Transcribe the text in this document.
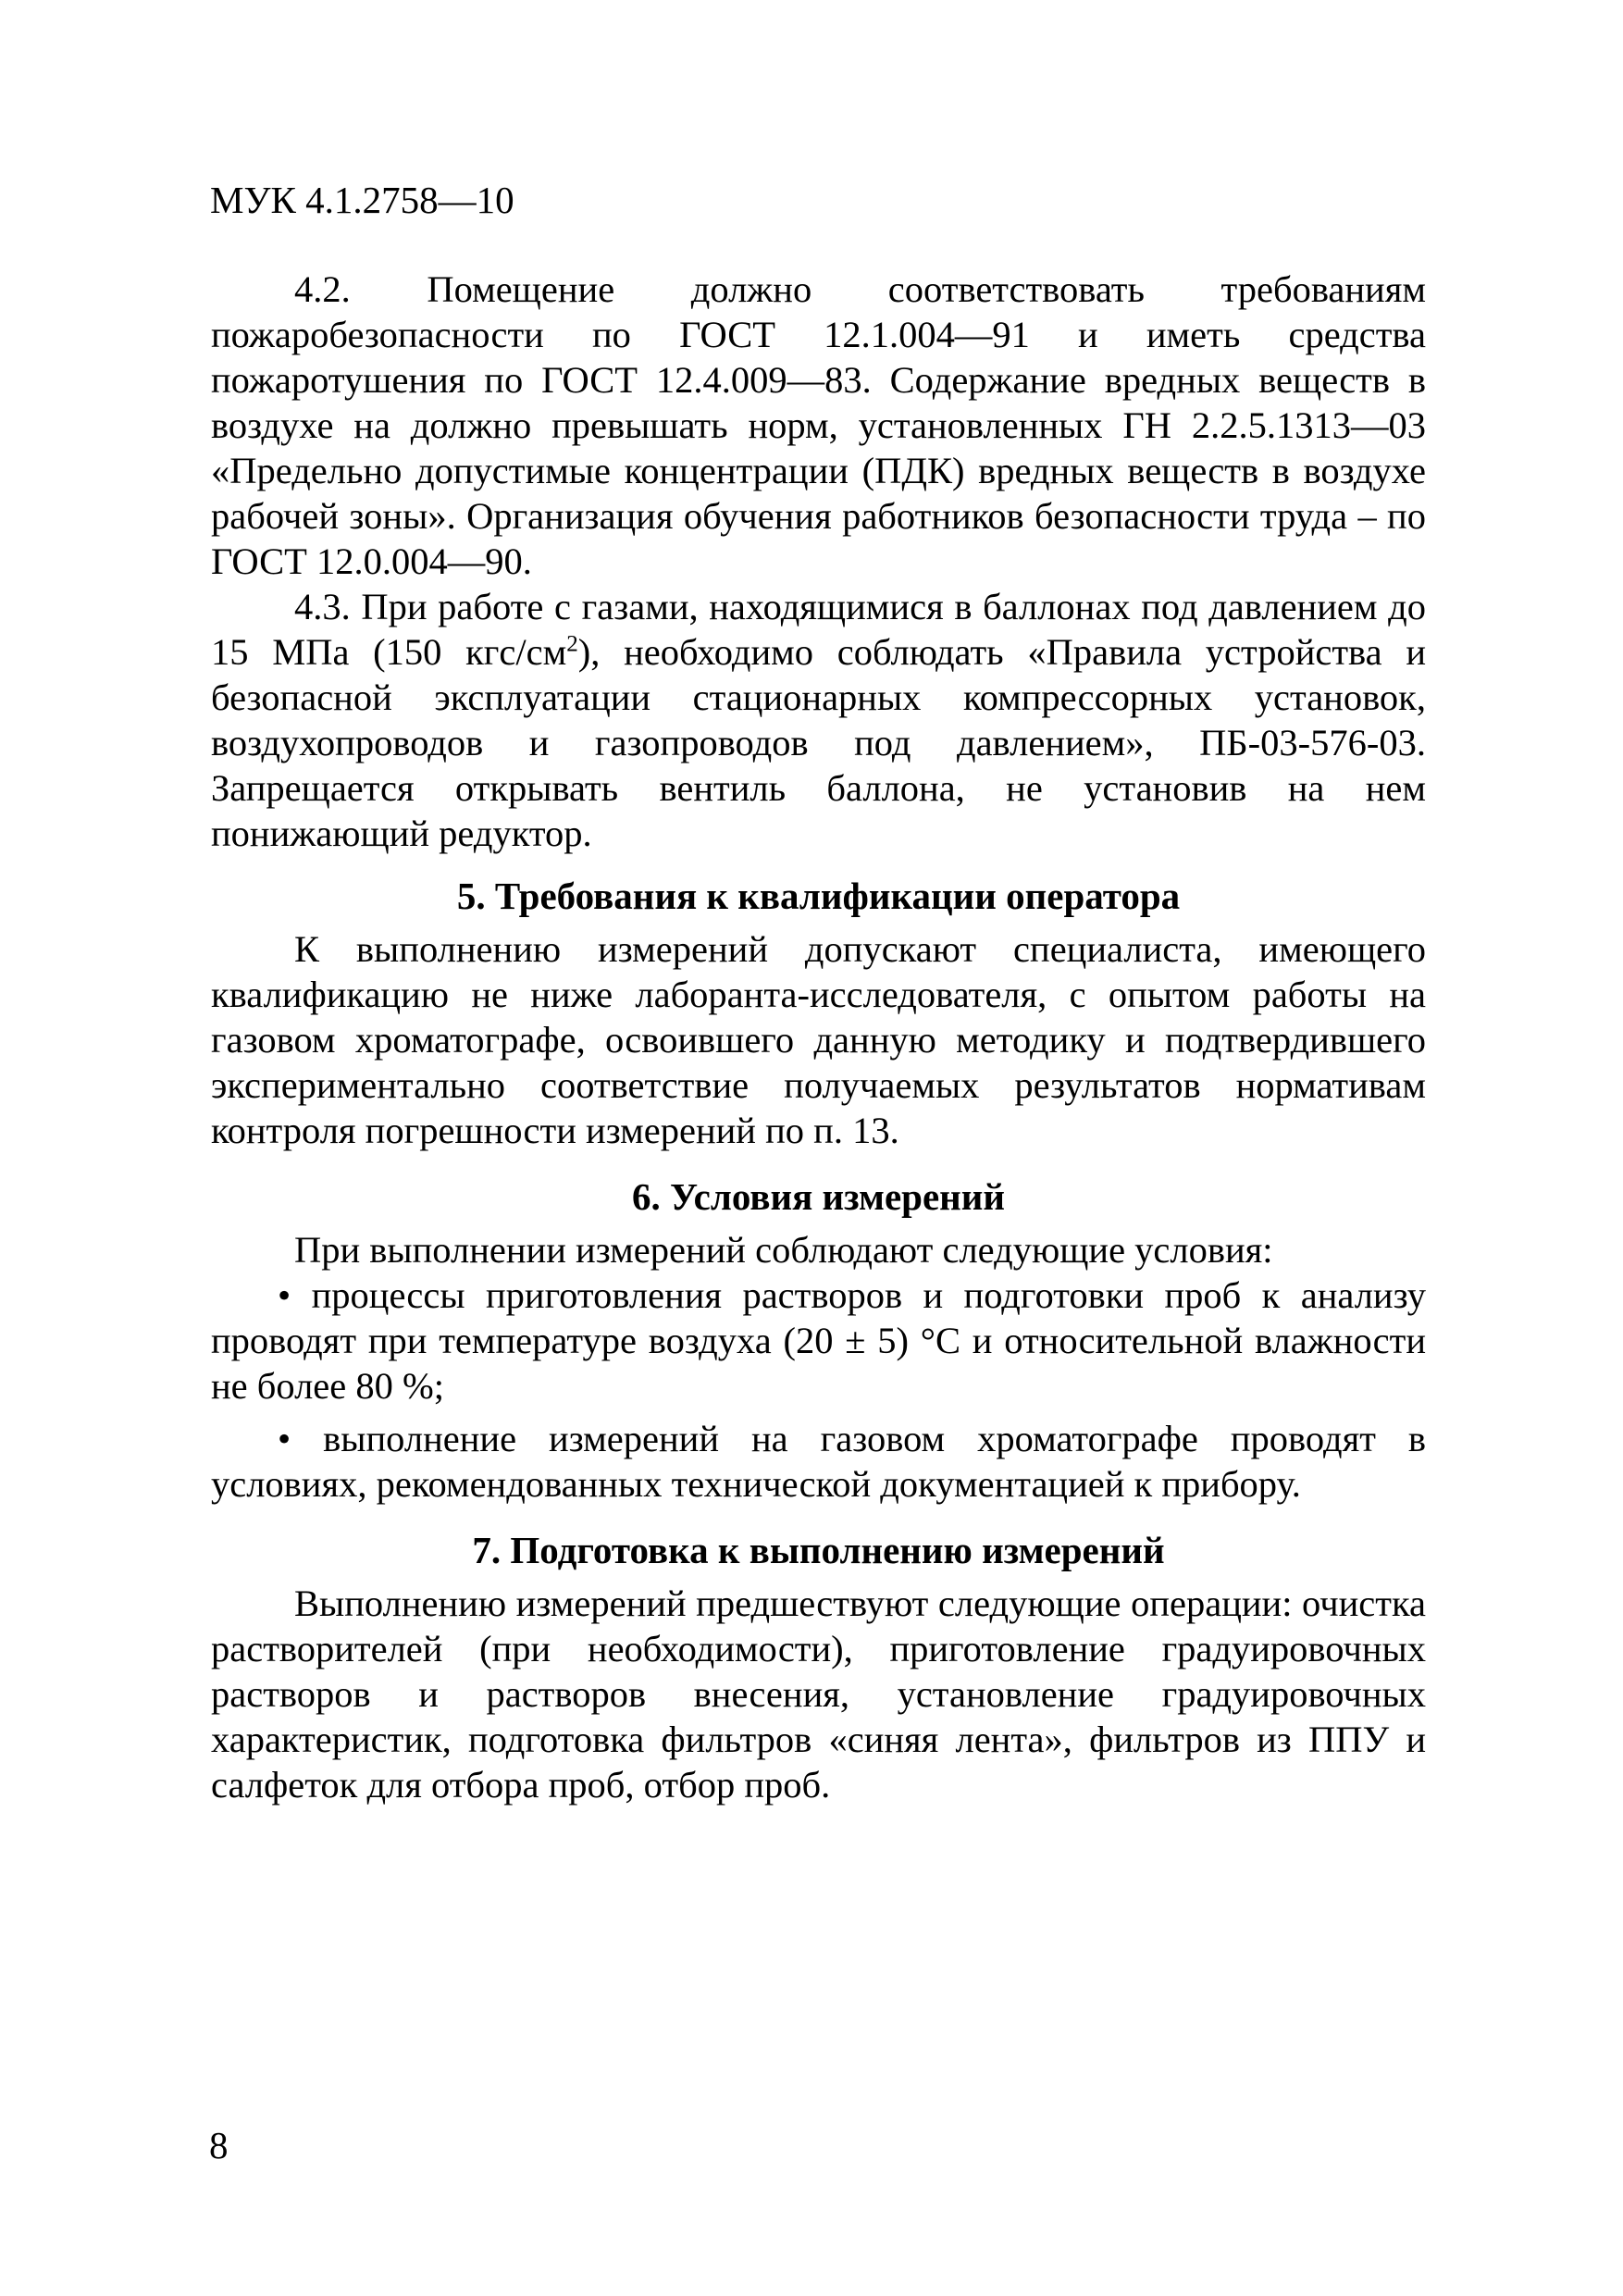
МУК 4.1.2758—10

4.2. Помещение должно соответствовать требованиям пожаробезопасности по ГОСТ 12.1.004—91 и иметь средства пожаротушения по ГОСТ 12.4.009—83. Содержание вредных веществ в воздухе на должно превышать норм, установленных ГН 2.2.5.1313—03 «Предельно допустимые концентрации (ПДК) вредных веществ в воздухе рабочей зоны». Организация обучения работников безопасности труда – по ГОСТ 12.0.004—90.

4.3. При работе с газами, находящимися в баллонах под давлением до 15 МПа (150 кгс/$см^2$), необходимо соблюдать «Правила устройства и безопасной эксплуатации стационарных компрессорных установок, воздухопроводов и газопроводов под давлением», ПБ-03-576-03. Запрещается открывать вентиль баллона, не установив на нем понижающий редуктор.

5. Требования к квалификации оператора

К выполнению измерений допускают специалиста, имеющего квалификацию не ниже лаборанта-исследователя, с опытом работы на газовом хроматографе, освоившего данную методику и подтвердившего экспериментально соответствие получаемых результатов нормативам контроля погрешности измерений по п. 13.

6. Условия измерений

При выполнении измерений соблюдают следующие условия:

• процессы приготовления растворов и подготовки проб к анализу проводят при температуре воздуха (20 ± 5) °С и относительной влажности не более 80 %;

• выполнение измерений на газовом хроматографе проводят в условиях, рекомендованных технической документацией к прибору.

7. Подготовка к выполнению измерений

Выполнению измерений предшествуют следующие операции: очистка растворителей (при необходимости), приготовление градуировочных растворов и растворов внесения, установление градуировочных характеристик, подготовка фильтров «синяя лента», фильтров из ППУ и салфеток для отбора проб, отбор проб.

8
